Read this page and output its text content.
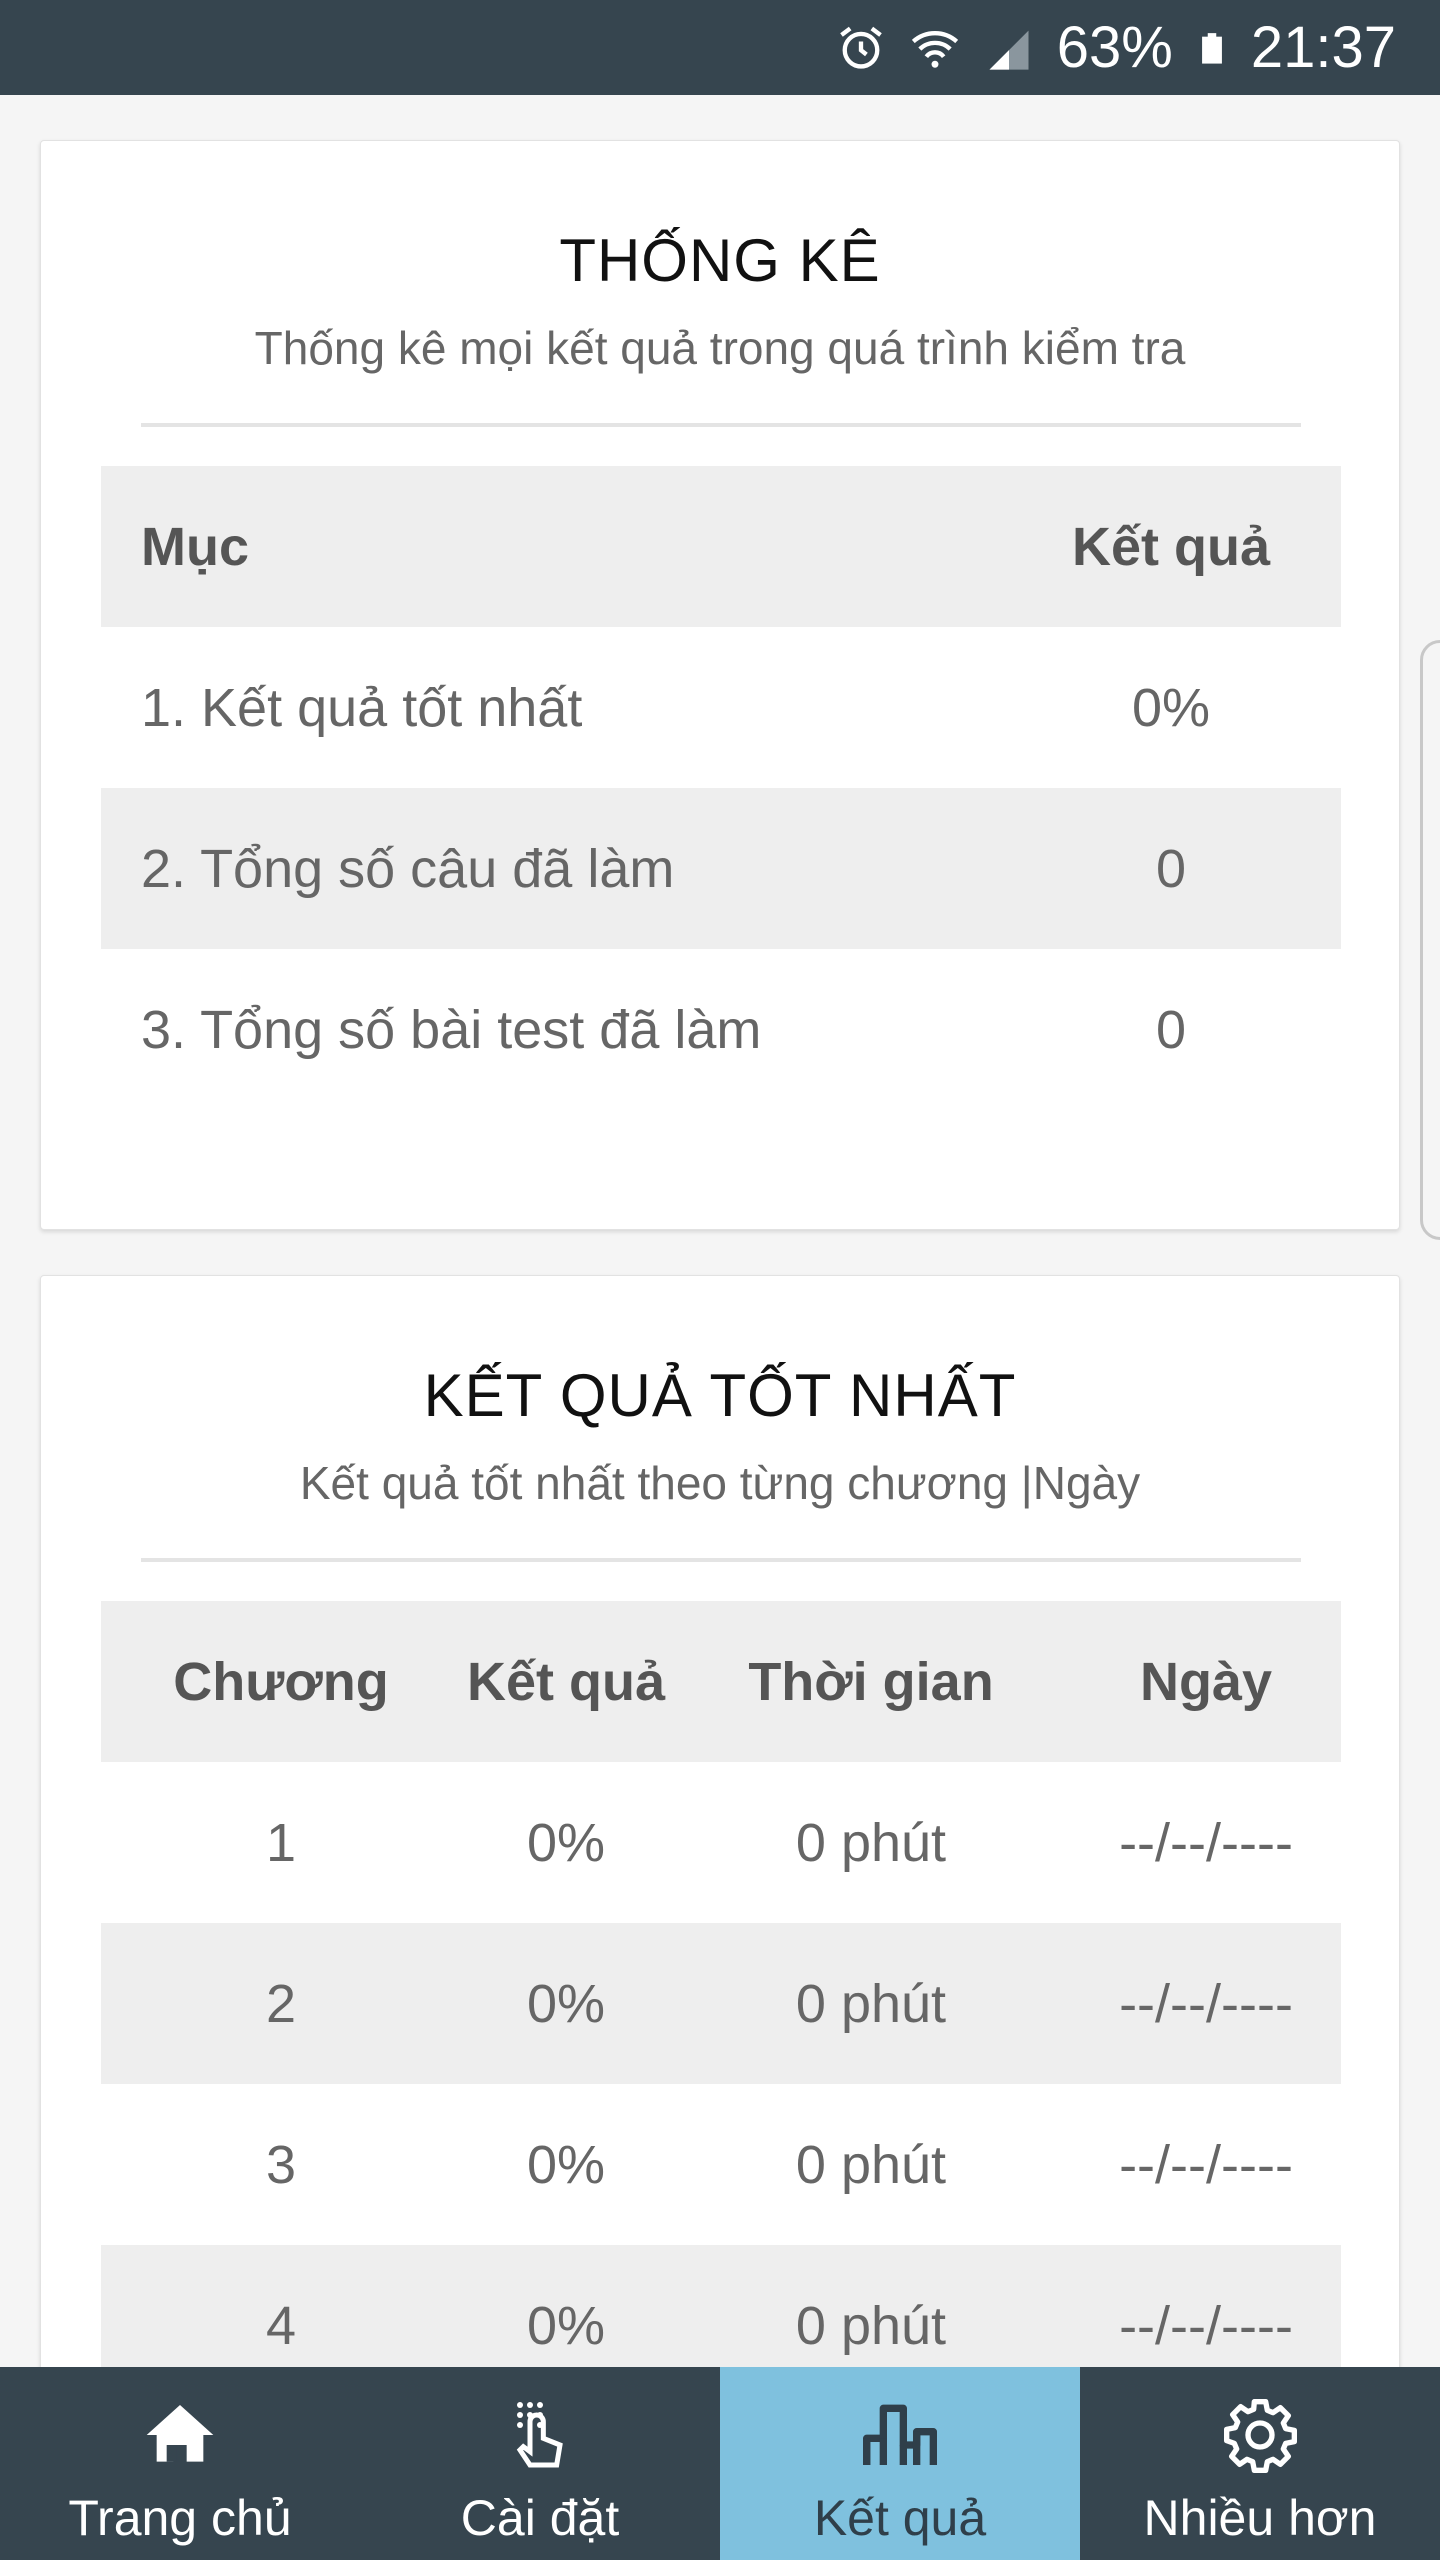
63% 21:37
THỐNG KÊ
Thống kê mọi kết quả trong quá trình kiểm tra
Mục	Kết quả
1. Kết quả tốt nhất	0%
2. Tổng số câu đã làm	0
3. Tổng số bài test đã làm	0
KẾT QUẢ TỐT NHẤT
Kết quả tốt nhất theo từng chương |Ngày
Chương	Kết quả	Thời gian	Ngày
1	0%	0 phút	--/--/----
2	0%	0 phút	--/--/----
3	0%	0 phút	--/--/----
4	0%	0 phút	--/--/----
Trang chủ	Cài đặt	Kết quả	Nhiều hơn
